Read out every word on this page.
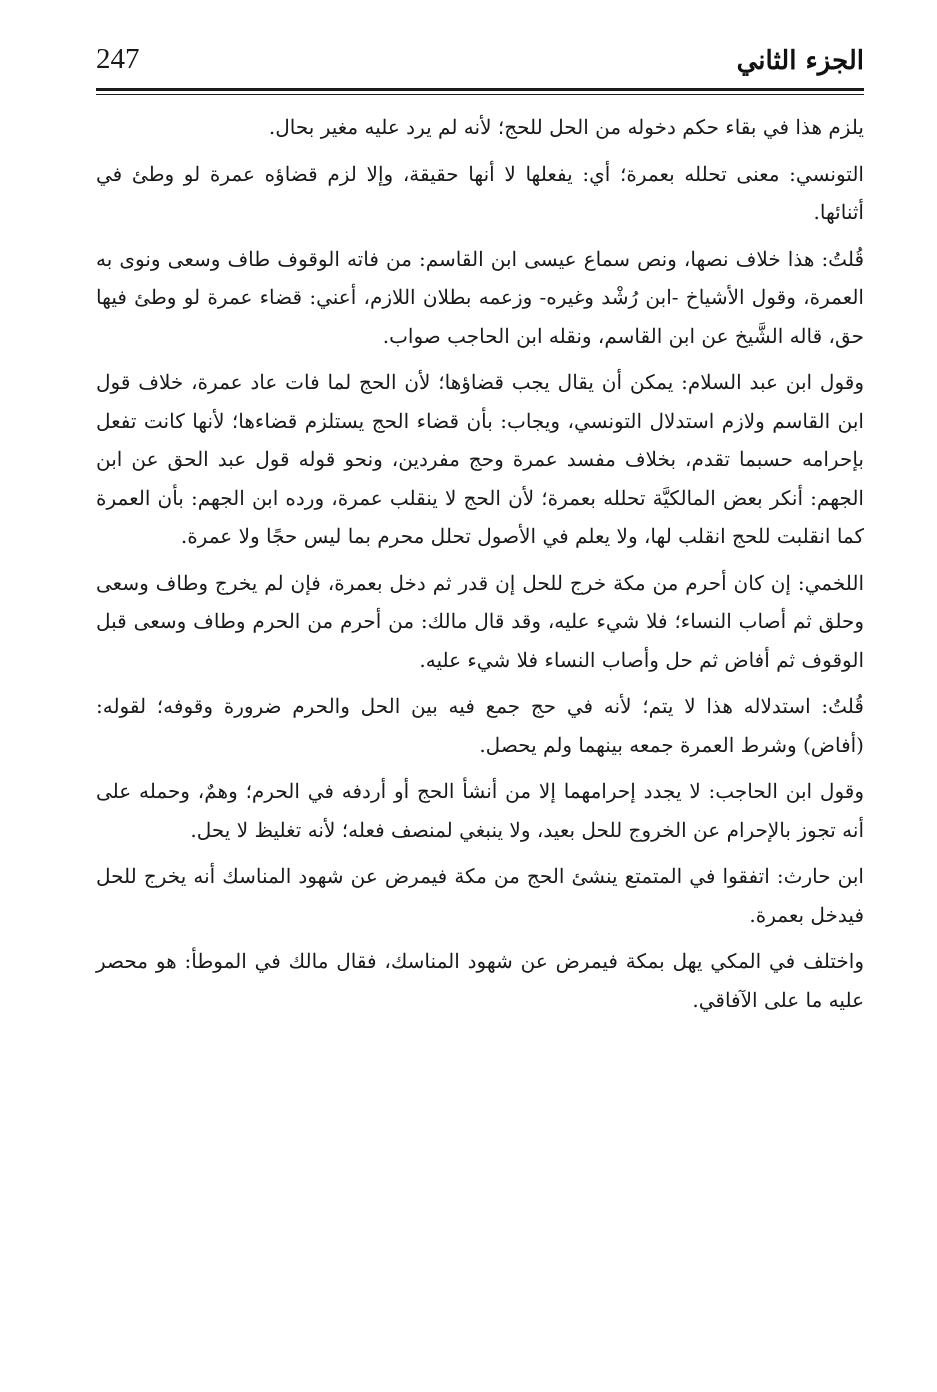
247	الجزء الثاني

يلزم هذا في بقاء حكم دخوله من الحل للحج؛ لأنه لم يرد عليه مغير بحال.

التونسي: معنى تحلله بعمرة؛ أي: يفعلها لا أنها حقيقة، وإلا لزم قضاؤه عمرة لو وطئ في أثنائها.

قُلتُ: هذا خلاف نصها، ونص سماع عيسى ابن القاسم: من فاته الوقوف طاف وسعى ونوى به العمرة، وقول الأشياخ -ابن رُشْد وغيره- وزعمه بطلان اللازم، أعني: قضاء عمرة لو وطئ فيها حق، قاله الشَّيخ عن ابن القاسم، ونقله ابن الحاجب صواب.

وقول ابن عبد السلام: يمكن أن يقال يجب قضاؤها؛ لأن الحج لما فات عاد عمرة، خلاف قول ابن القاسم ولازم استدلال التونسي، ويجاب: بأن قضاء الحج يستلزم قضاءها؛ لأنها كانت تفعل بإحرامه حسبما تقدم، بخلاف مفسد عمرة وحج مفردين، ونحو قوله قول عبد الحق عن ابن الجهم: أنكر بعض المالكيَّة تحلله بعمرة؛ لأن الحج لا ينقلب عمرة، ورده ابن الجهم: بأن العمرة كما انقلبت للحج انقلب لها، ولا يعلم في الأصول تحلل محرم بما ليس حجًا ولا عمرة.

اللخمي: إن كان أحرم من مكة خرج للحل إن قدر ثم دخل بعمرة، فإن لم يخرج وطاف وسعى وحلق ثم أصاب النساء؛ فلا شيء عليه، وقد قال مالك: من أحرم من الحرم وطاف وسعى قبل الوقوف ثم أفاض ثم حل وأصاب النساء فلا شيء عليه.

قُلتُ: استدلاله هذا لا يتم؛ لأنه في حج جمع فيه بين الحل والحرم ضرورة وقوفه؛ لقوله: (أفاض) وشرط العمرة جمعه بينهما ولم يحصل.

وقول ابن الحاجب: لا يجدد إحرامهما إلا من أنشأ الحج أو أردفه في الحرم؛ وهمٌ، وحمله على أنه تجوز بالإحرام عن الخروج للحل بعيد، ولا ينبغي لمنصف فعله؛ لأنه تغليظ لا يحل.

ابن حارث: اتفقوا في المتمتع ينشئ الحج من مكة فيمرض عن شهود المناسك أنه يخرج للحل فيدخل بعمرة.

واختلف في المكي يهل بمكة فيمرض عن شهود المناسك، فقال مالك في الموطأ: هو محصر عليه ما على الآفاقي.
